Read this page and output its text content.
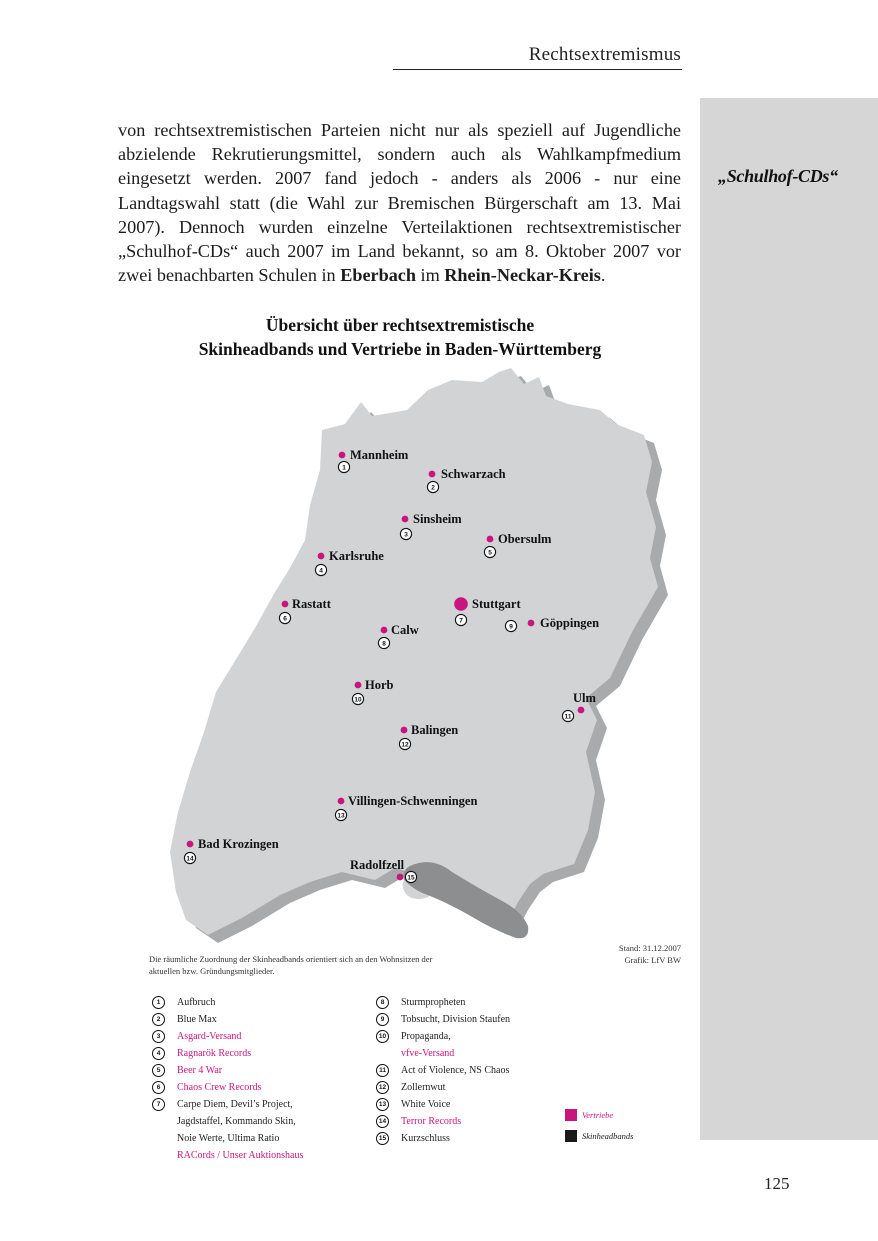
Rechtsextremismus
„Schulhof-CDs“
von rechtsextremistischen Parteien nicht nur als speziell auf Jugendliche abzielende Rekrutierungsmittel, sondern auch als Wahlkampfmedium eingesetzt werden. 2007 fand jedoch - anders als 2006 - nur eine Landtagswahl statt (die Wahl zur Bremischen Bürgerschaft am 13. Mai 2007). Dennoch wurden einzelne Verteilaktionen rechtsextremistischer „Schulhof-CDs“ auch 2007 im Land bekannt, so am 8. Oktober 2007 vor zwei benachbarten Schulen in Eberbach im Rhein-Neckar-Kreis.
Übersicht über rechtsextremistische
Skinheadbands und Vertriebe in Baden-Württemberg
Mannheim
1	Schwarzach
2
Sinsheim
3
Karlsruhe
4
Obersulm
5
Rastatt
6
Stuttgart
7
Calw
8
Göppingen
9
Horb
10	Ulm
11
Balingen
12
Villingen-Schwenningen
13
Bad Krozingen
14	Radolfzell
15
Stand: 31.12.2007
Grafik: LfV BW
Die räumliche Zuordnung der Skinheadbands orientiert sich an den Wohnsitzen der aktuellen bzw. Gründungsmitglieder.
1	Aufbruch
2	Blue Max
3	Asgard-Versand
4	Ragnarök Records
5	Beer 4 War
6	Chaos Crew Records
7	Carpe Diem, Devil’s Project,
Jagdstaffel, Kommando Skin,
Noie Werte, Ultima Ratio
RACords / Unser Auktionshaus
8	Sturmpropheten
9	Tobsucht, Division Staufen
10 Propaganda,
vfve-Versand
11	Act of Violence, NS Chaos
12 Zollernwut
13 White Voice
14 Terror Records
15 Kurzschluss
Vertriebe
Skinheadbands
125
